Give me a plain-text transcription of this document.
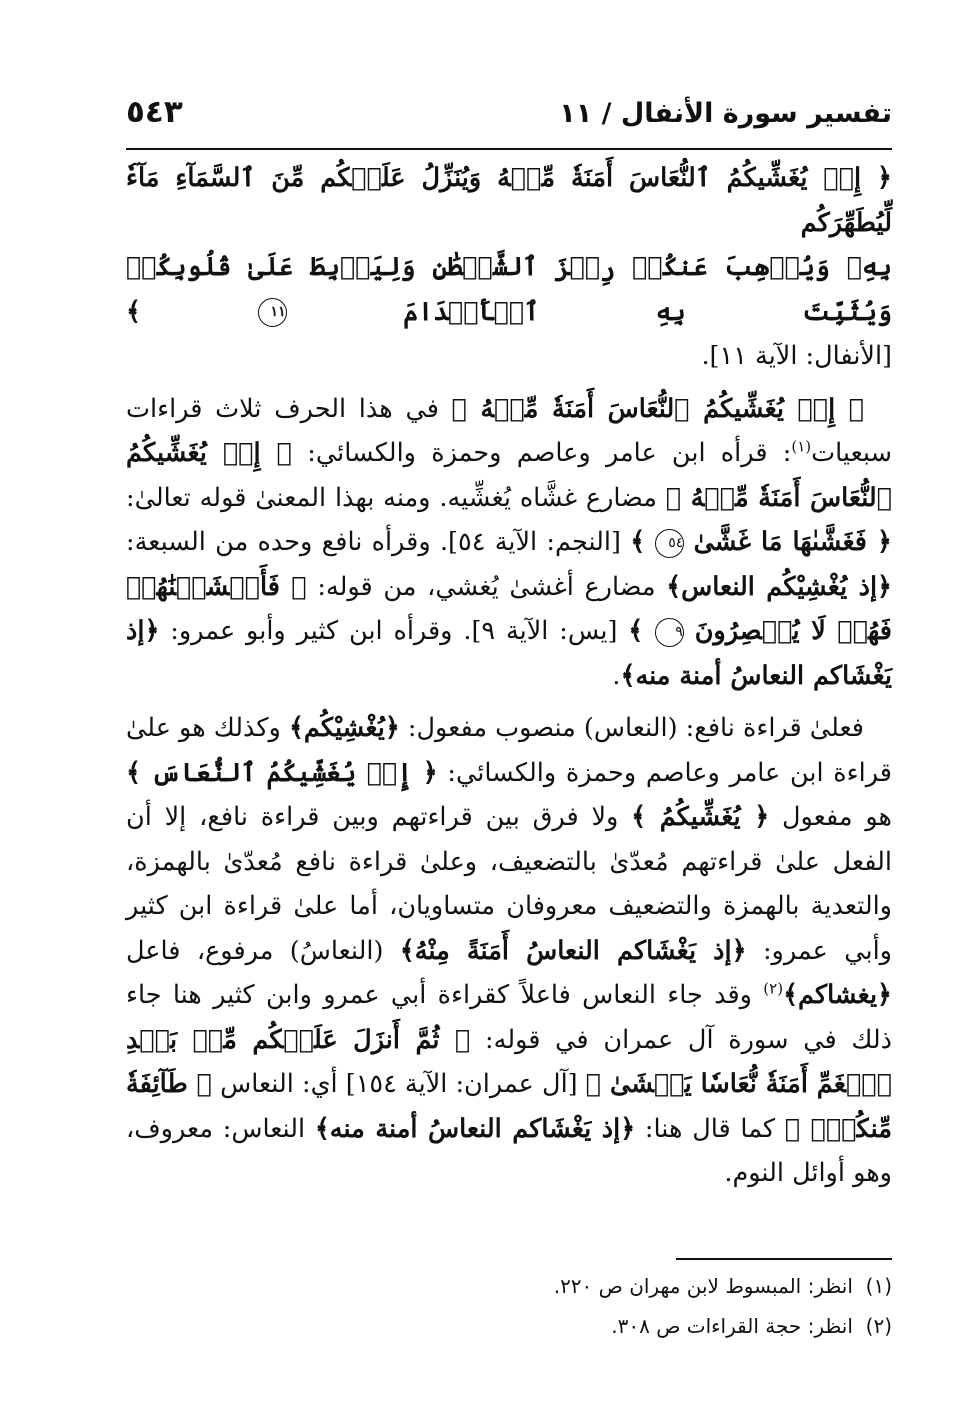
تفسير سورة الأنفال / ١١
٥٤٣

﴿ إِذۡ يُغَشِّيكُمُ ٱلنُّعَاسَ أَمَنَةٗ مِّنۡهُ وَيُنَزِّلُ عَلَيۡكُم مِّنَ ٱلسَّمَآءِ مَآءٗ لِّيُطَهِّرَكُم

بِهِۦ وَيُذۡهِبَ عَنكُمۡ رِجۡزَ ٱلشَّيۡطَٰنِ وَلِيَرۡبِطَ عَلَىٰ قُلُوبِكُمۡ وَيُثَبِّتَ بِهِ ٱلۡأَقۡدَامَ ١١ ﴾

[الأنفال: الآية ١١].

﴿ إِذۡ يُغَشِّيكُمُ ٱلنُّعَاسَ أَمَنَةٗ مِّنۡهُ ﴾ في هذا الحرف ثلاث قراءات سبعيات$^{(١)}$: قرأه ابن عامر وعاصم وحمزة والكسائي: ﴿ إِذۡ يُغَشِّيكُمُ ٱلنُّعَاسَ أَمَنَةٗ مِّنۡهُ ﴾ مضارع غشَّاه يُغشِّيه. ومنه بهذا المعنىٰ قوله تعالىٰ: ﴿ فَغَشَّىٰهَا مَا غَشَّىٰ ٥٤ ﴾ [النجم: الآية ٥٤]. وقرأه نافع وحده من السبعة: ﴿إذ يُغْشِيْكُم النعاس﴾ مضارع أغشىٰ يُغشي، من قوله: ﴿ فَأَغۡشَيۡنَٰهُمۡ فَهُمۡ لَا يُبۡصِرُونَ ٩ ﴾ [يس: الآية ٩]. وقرأه ابن كثير وأبو عمرو: ﴿إذ يَغْشَاكم النعاسُ أمنة منه﴾.

فعلىٰ قراءة نافع: (النعاس) منصوب مفعول: ﴿يُغْشِيْكُم﴾ وكذلك هو علىٰ قراءة ابن عامر وعاصم وحمزة والكسائي: ﴿ إِذۡ يُغَشِّيكُمُ ٱلنُّعَاسَ ﴾ هو مفعول ﴿ يُغَشِّيكُمُ ﴾ ولا فرق بين قراءتهم وبين قراءة نافع، إلا أن الفعل علىٰ قراءتهم مُعدّىٰ بالتضعيف، وعلىٰ قراءة نافع مُعدّىٰ بالهمزة، والتعدية بالهمزة والتضعيف معروفان متساويان، أما علىٰ قراءة ابن كثير وأبي عمرو: ﴿إذ يَغْشَاكم النعاسُ أَمَنَةً مِنْهُ﴾ (النعاسُ) مرفوع، فاعل ﴿يغشاكم﴾$^{(٢)}$ وقد جاء النعاس فاعلاً كقراءة أبي عمرو وابن كثير هنا جاء ذلك في سورة آل عمران في قوله: ﴿ ثُمَّ أَنزَلَ عَلَيۡكُم مِّنۢ بَعۡدِ ٱلۡغَمِّ أَمَنَةٗ نُّعَاسٗا يَغۡشَىٰ ﴾ [آل عمران: الآية ١٥٤] أي: النعاس ﴿ طَآئِفَةٗ مِّنكُمۡۖ ﴾ كما قال هنا: ﴿إذ يَغْشَاكم النعاسُ أمنة منه﴾ النعاس: معروف، وهو أوائل النوم.

(١)  انظر: المبسوط لابن مهران ص ٢٢٠.

(٢)  انظر: حجة القراءات ص ٣٠٨.
